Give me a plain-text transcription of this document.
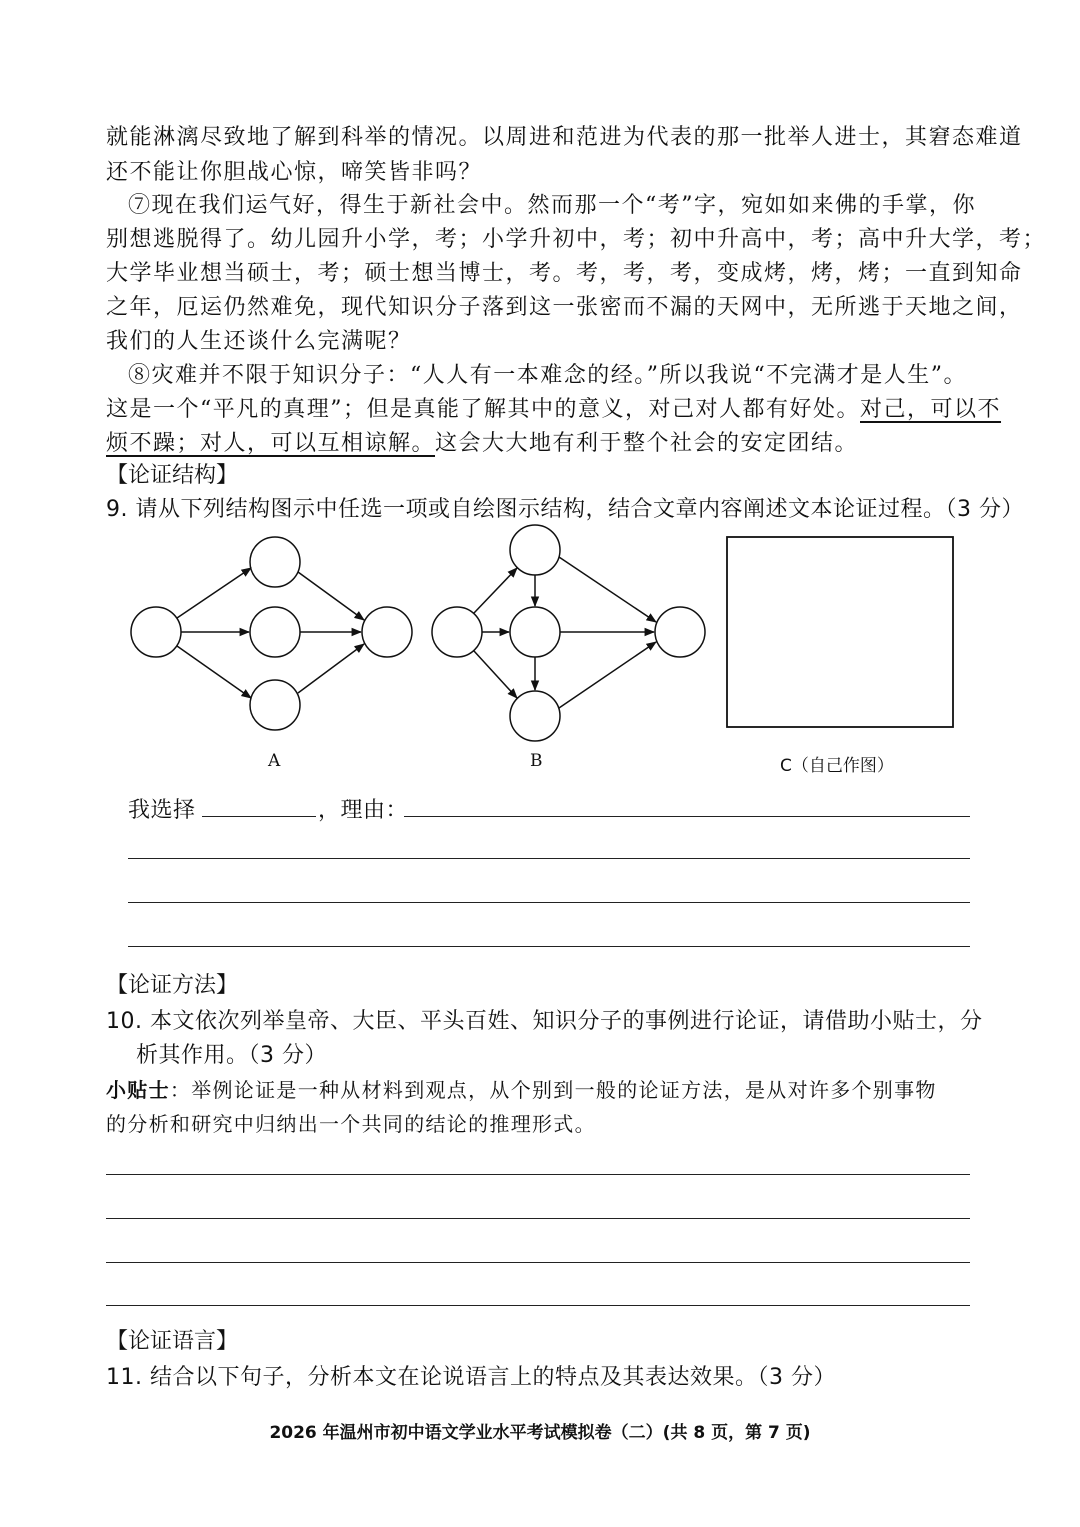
就能淋漓尽致地了解到科举的情况。以周进和范进为代表的那一批举人进士，其窘态难道
还不能让你胆战心惊，啼笑皆非吗？
⑦现在我们运气好，得生于新社会中。然而那一个“考”字，宛如如来佛的手掌，你
别想逃脱得了。幼儿园升小学，考；小学升初中，考；初中升高中，考；高中升大学，考；
大学毕业想当硕士，考；硕士想当博士，考。考，考，考，变成烤，烤，烤；一直到知命
之年，厄运仍然难免，现代知识分子落到这一张密而不漏的天网中，无所逃于天地之间，
我们的人生还谈什么完满呢？
⑧灾难并不限于知识分子：“人人有一本难念的经。”所以我说“不完满才是人生”。
这是一个“平凡的真理”；但是真能了解其中的意义，对己对人都有好处。对己，可以不
烦不躁；对人，可以互相谅解。这会大大地有利于整个社会的安定团结。
【论证结构】
9. 请从下列结构图示中任选一项或自绘图示结构，结合文章内容阐述文本论证过程。（3 分）
A	B	C（自己作图）
我选择	，理由：
【论证方法】
10. 本文依次列举皇帝、大臣、平头百姓、知识分子的事例进行论证，请借助小贴士，分
析其作用。（3 分）
小贴士：举例论证是一种从材料到观点，从个别到一般的论证方法，是从对许多个别事物
的分析和研究中归纳出一个共同的结论的推理形式。
【论证语言】
11. 结合以下句子，分析本文在论说语言上的特点及其表达效果。（3 分）
2026 年温州市初中语文学业水平考试模拟卷（二）(共 8 页，第 7 页)
